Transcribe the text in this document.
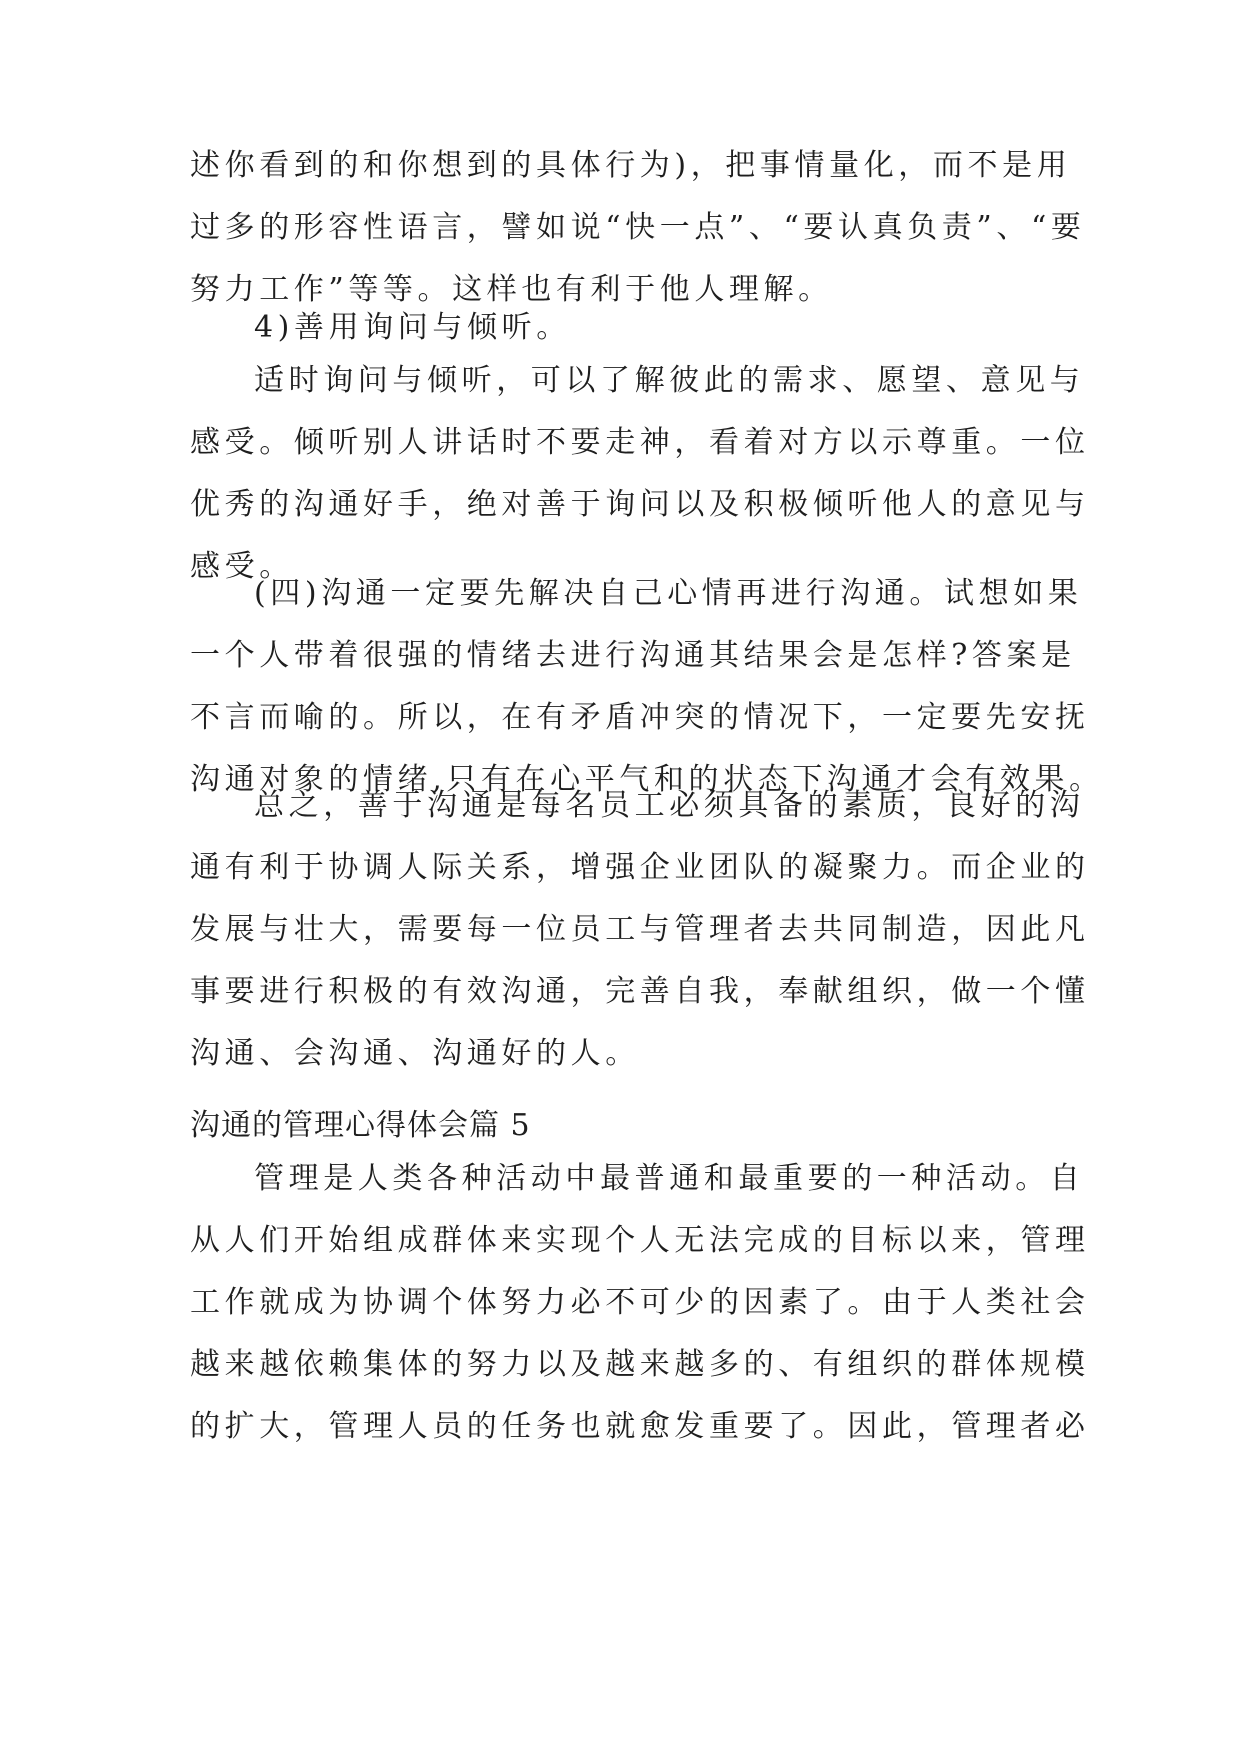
述你看到的和你想到的具体行为)，把事情量化，而不是用
过多的形容性语言，譬如说“快一点”、“要认真负责”、“要
努力工作”等等。这样也有利于他人理解。
4)善用询问与倾听。
适时询问与倾听，可以了解彼此的需求、愿望、意见与
感受。倾听别人讲话时不要走神，看着对方以示尊重。一位
优秀的沟通好手，绝对善于询问以及积极倾听他人的意见与
感受。
(四)沟通一定要先解决自己心情再进行沟通。试想如果
一个人带着很强的情绪去进行沟通其结果会是怎样?答案是
不言而喻的。所以，在有矛盾冲突的情况下，一定要先安抚
沟通对象的情绪,只有在心平气和的状态下沟通才会有效果。
总之，善于沟通是每名员工必须具备的素质，良好的沟
通有利于协调人际关系，增强企业团队的凝聚力。而企业的
发展与壮大，需要每一位员工与管理者去共同制造，因此凡
事要进行积极的有效沟通，完善自我，奉献组织，做一个懂
沟通、会沟通、沟通好的人。
沟通的管理心得体会篇 5
管理是人类各种活动中最普通和最重要的一种活动。自
从人们开始组成群体来实现个人无法完成的目标以来，管理
工作就成为协调个体努力必不可少的因素了。由于人类社会
越来越依赖集体的努力以及越来越多的、有组织的群体规模
的扩大，管理人员的任务也就愈发重要了。因此，管理者必
